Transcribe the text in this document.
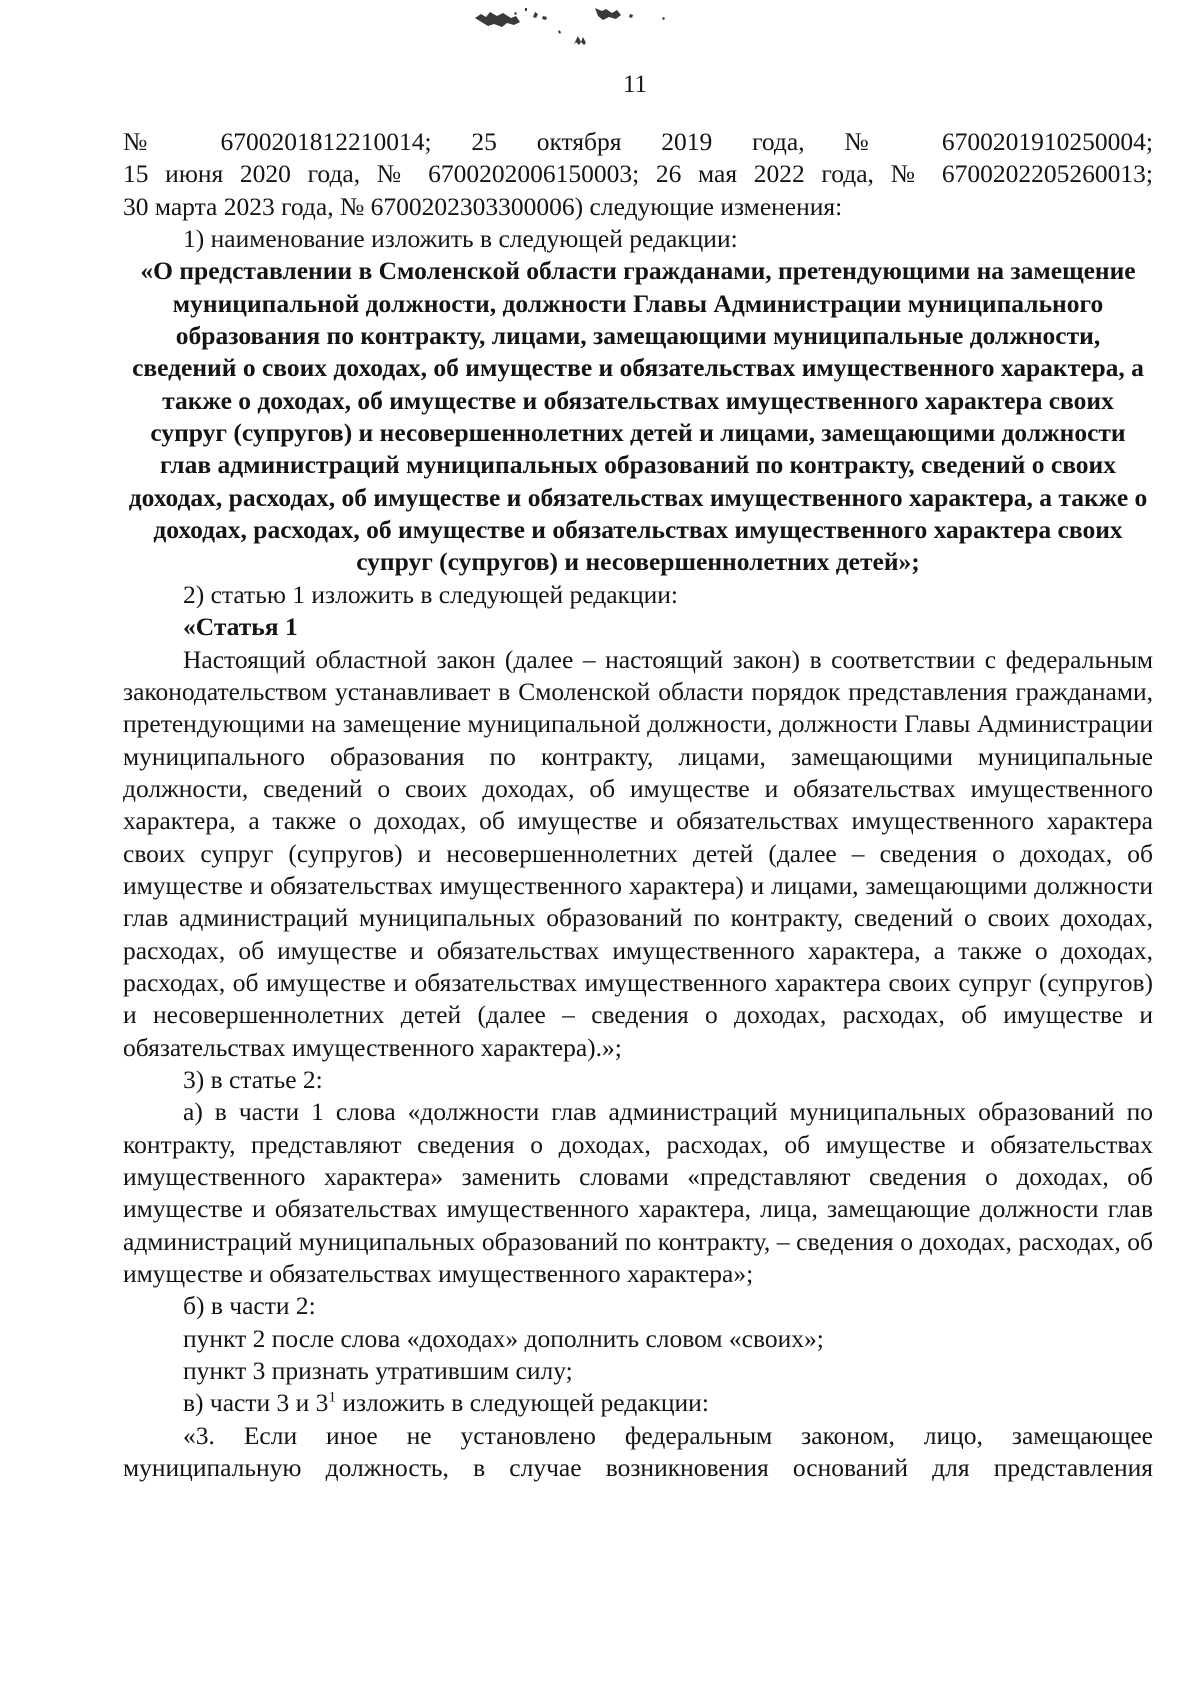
11

№ 6700201812210014; 25 октября 2019 года, № 6700201910250004;

15 июня 2020 года, № 6700202006150003; 26 мая 2022 года, № 6700202205260013;

30 марта 2023 года, № 6700202303300006) следующие изменения:

1) наименование изложить в следующей редакции:

«О представлении в Смоленской области гражданами, претендующими на замещение муниципальной должности, должности Главы Администрации муниципального образования по контракту, лицами, замещающими муниципальные должности, сведений о своих доходах, об имуществе и обязательствах имущественного характера, а также о доходах, об имуществе и обязательствах имущественного характера своих супруг (супругов) и несовершеннолетних детей и лицами, замещающими должности глав администраций муниципальных образований по контракту, сведений о своих доходах, расходах, об имуществе и обязательствах имущественного характера, а также о доходах, расходах, об имуществе и обязательствах имущественного характера своих супруг (супругов) и несовершеннолетних детей»;

2) статью 1 изложить в следующей редакции:

«Статья 1

Настоящий областной закон (далее – настоящий закон) в соответствии с федеральным законодательством устанавливает в Смоленской области порядок представления гражданами, претендующими на замещение муниципальной должности, должности Главы Администрации муниципального образования по контракту, лицами, замещающими муниципальные должности, сведений о своих доходах, об имуществе и обязательствах имущественного характера, а также о доходах, об имуществе и обязательствах имущественного характера своих супруг (супругов) и несовершеннолетних детей (далее – сведения о доходах, об имуществе и обязательствах имущественного характера) и лицами, замещающими должности глав администраций муниципальных образований по контракту, сведений о своих доходах, расходах, об имуществе и обязательствах имущественного характера, а также о доходах, расходах, об имуществе и обязательствах имущественного характера своих супруг (супругов) и несовершеннолетних детей (далее – сведения о доходах, расходах, об имуществе и обязательствах имущественного характера).»;

3) в статье 2:

а) в части 1 слова «должности глав администраций муниципальных образований по контракту, представляют сведения о доходах, расходах, об имуществе и обязательствах имущественного характера» заменить словами «представляют сведения о доходах, об имуществе и обязательствах имущественного характера, лица, замещающие должности глав администраций муниципальных образований по контракту, – сведения о доходах, расходах, об имуществе и обязательствах имущественного характера»;

б) в части 2:

пункт 2 после слова «доходах» дополнить словом «своих»;

пункт 3 признать утратившим силу;

в) части 3 и $3^1$ изложить в следующей редакции:

«3. Если иное не установлено федеральным законом, лицо, замещающее муниципальную должность, в случае возникновения оснований для представления
